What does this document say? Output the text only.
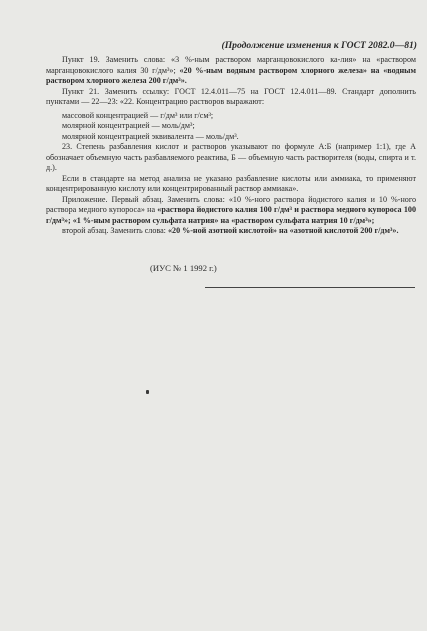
(Продолжение изменения к ГОСТ 2082.0—81)

Пункт 19. Заменить слова: «3 %-ным раствором марганцовокислого ка-лия» на «раствором марганцовокислого калия 30 г/дм³»; «20 %-ным водным раствором хлорного железа» на «водным раствором хлорного железа 200 г/дм³».

Пункт 21. Заменить ссылку: ГОСТ 12.4.011—75 на ГОСТ 12.4.011—89. Стандарт дополнить пунктами — 22—23: «22. Концентрацию растворов выражают:

массовой концентрацией — г/дм³ или г/см³;

молярной концентрацией — моль/дм³;

молярной концентрацией эквивалента — моль/дм³.

23. Степень разбавления кислот и растворов указывают по формуле А:Б (например 1:1), где А обозначает объемную часть разбавляемого реактива, Б — объемную часть растворителя (воды, спирта и т. д.).

Если в стандарте на метод анализа не указано разбавление кислоты или аммиака, то применяют концентрированную кислоту или концентрированный раствор аммиака».

Приложение. Первый абзац. Заменить слова: «10 %-ного раствора йодистого калия и 10 %-ного раствора медного купороса» на «раствора йодистого калия 100 г/дм³ и раствора медного купороса 100 г/дм³»; «1 %-ным раствором сульфата натрия» на «раствором сульфата натрия 10 г/дм³»;

второй абзац. Заменить слова: «20 %-ной азотной кислотой» на «азотной кислотой 200 г/дм³».

(ИУС № 1 1992 г.)
